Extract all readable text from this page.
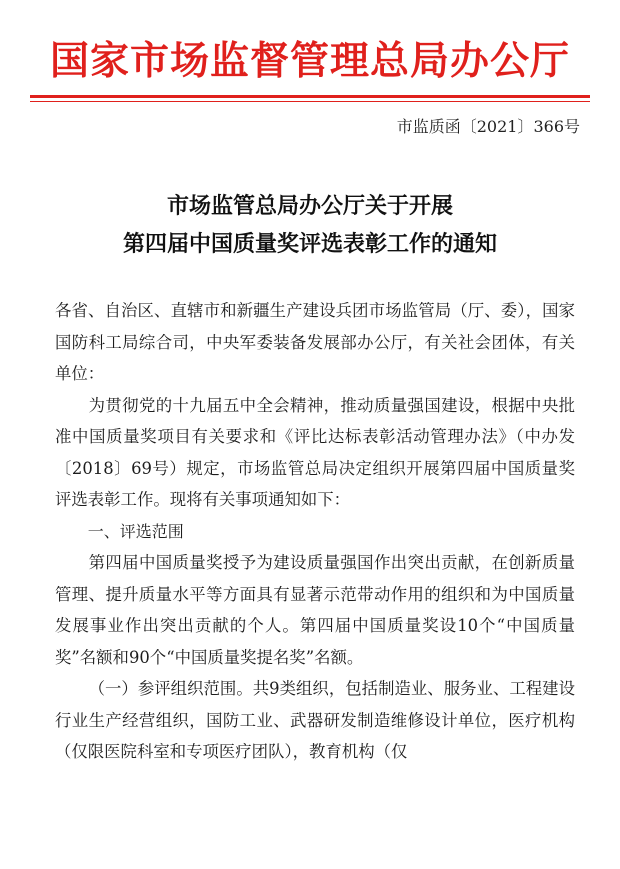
国家市场监督管理总局办公厅
市监质函〔2021〕366号
市场监管总局办公厅关于开展
第四届中国质量奖评选表彰工作的通知

各省、自治区、直辖市和新疆生产建设兵团市场监管局（厅、委），国家国防科工局综合司，中央军委装备发展部办公厅，有关社会团体，有关单位：

为贯彻党的十九届五中全会精神，推动质量强国建设，根据中央批准中国质量奖项目有关要求和《评比达标表彰活动管理办法》（中办发〔2018〕69号）规定，市场监管总局决定组织开展第四届中国质量奖评选表彰工作。现将有关事项通知如下：

一、评选范围

第四届中国质量奖授予为建设质量强国作出突出贡献，在创新质量管理、提升质量水平等方面具有显著示范带动作用的组织和为中国质量发展事业作出突出贡献的个人。第四届中国质量奖设10个“中国质量奖”名额和90个“中国质量奖提名奖”名额。

（一）参评组织范围。共9类组织，包括制造业、服务业、工程建设行业生产经营组织，国防工业、武器研发制造维修设计单位，医疗机构（仅限医院科室和专项医疗团队），教育机构（仅
